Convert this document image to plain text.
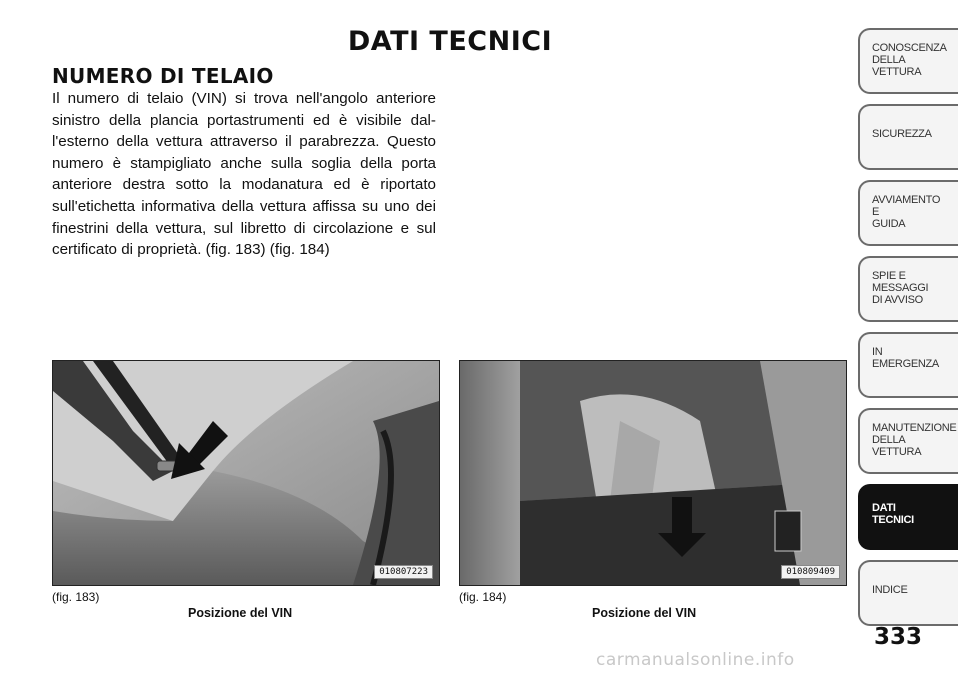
DATI TECNICI
NUMERO DI TELAIO
Il numero di telaio (VIN) si trova nell'angolo anteriore sinistro della plancia portastrumenti ed è visibile dal-l'esterno della vettura attraverso il parabrezza. Questo numero è stampigliato anche sulla soglia della porta anteriore destra sotto la modanatura ed è riportato sull'etichetta informativa della vettura affissa su uno dei finestrini della vettura, sul libretto di circolazione e sul certificato di proprietà. (fig. 183) (fig. 184)
010807223
(fig. 183)
Posizione del VIN
010809409
(fig. 184)
Posizione del VIN
CONOSCENZA
DELLA
VETTURA
SICUREZZA
AVVIAMENTO
E
GUIDA
SPIE E
MESSAGGI
DI AVVISO
IN
EMERGENZA
MANUTENZIONE
DELLA
VETTURA
DATI
TECNICI
INDICE
333
carmanualsonline.info
